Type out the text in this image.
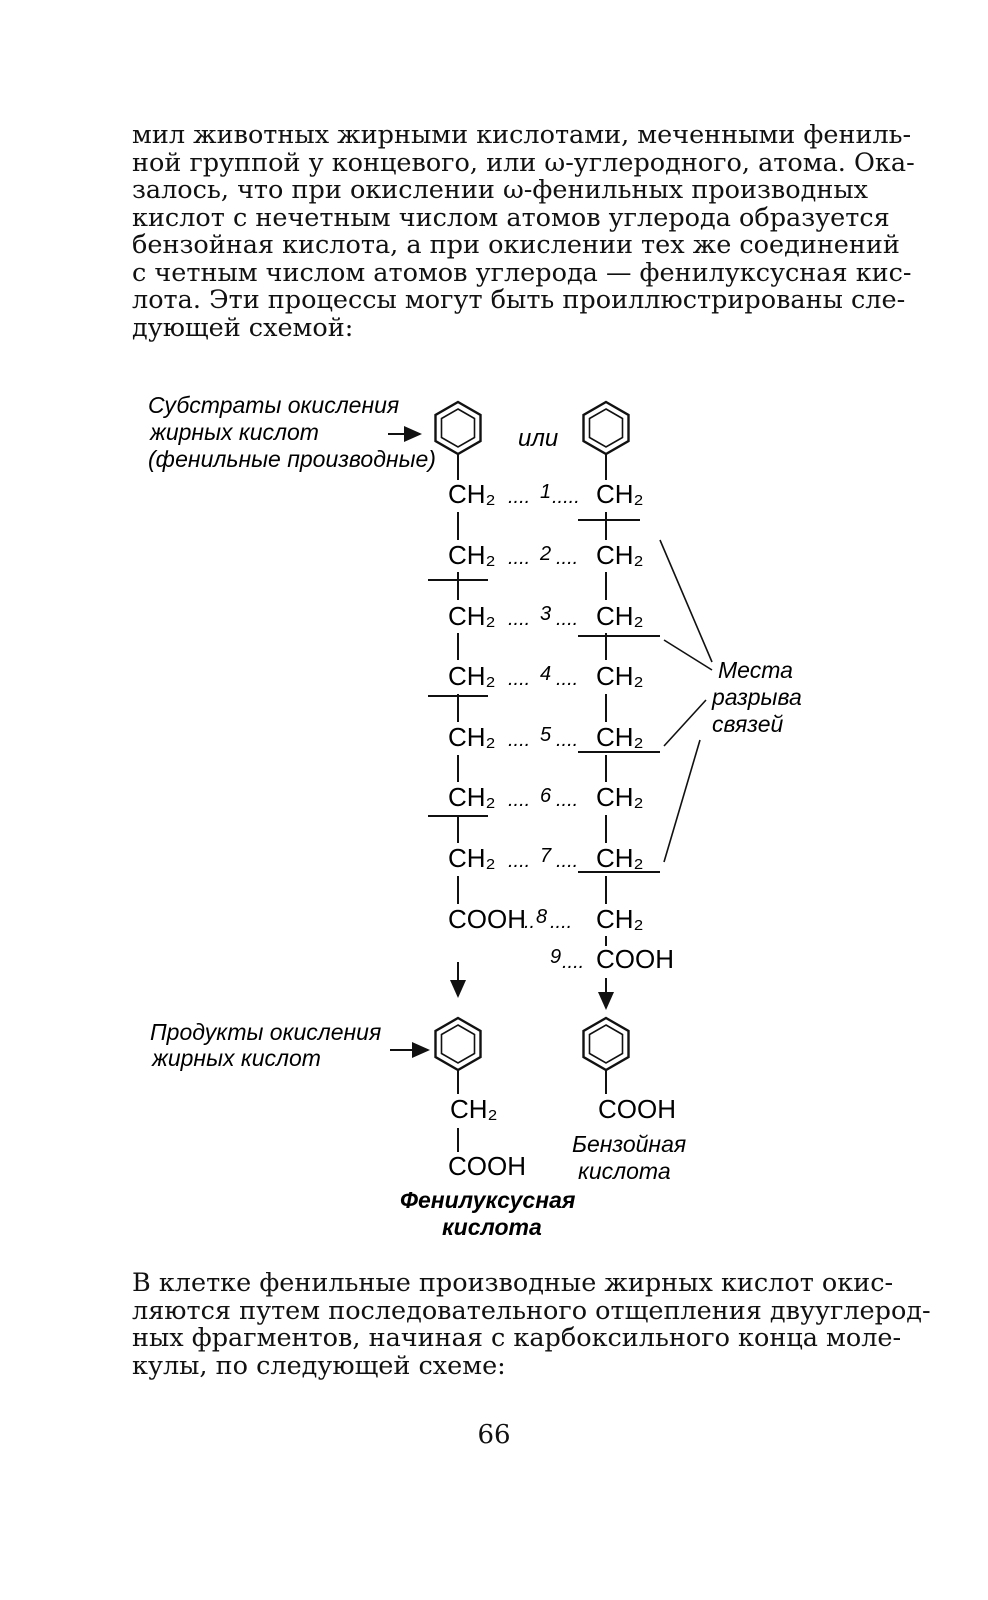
мил животных жирными кислотами, меченными фениль-
ной группой у концевого, или ω-углеродного, атома. Ока-
залось, что при окислении ω-фенильных производных
кислот с нечетным числом атомов углерода образуется
бензойная кислота, а при окислении тех же соединений
с четным числом атомов углерода — фенилуксусная кис-
лота. Эти процессы могут быть проиллюстрированы сле-
дующей схемой:
Субстраты окисления
жирных кислот
(фенильные производные)
или
CH₂
CH₂
CH₂
CH₂
CH₂
CH₂
CH₂
COOH
CH₂
CH₂
CH₂
CH₂
CH₂
CH₂
CH₂
CH₂
COOH
.... 1 .....
.... 2 ....
.... 3 ....
.... 4 ....
.... 5 ....
.... 6 ....
.... 7 ....
.. 8 ....
9 ....
Места
разрыва
связей
Продукты окисления
жирных кислот
CH₂
COOH
COOH
Бензойная
кислота
Фенилуксусная
кислота
В клетке фенильные производные жирных кислот окис-
ляются путем последовательного отщепления двууглерод-
ных фрагментов, начиная с карбоксильного конца моле-
кулы, по следующей схеме:
66
